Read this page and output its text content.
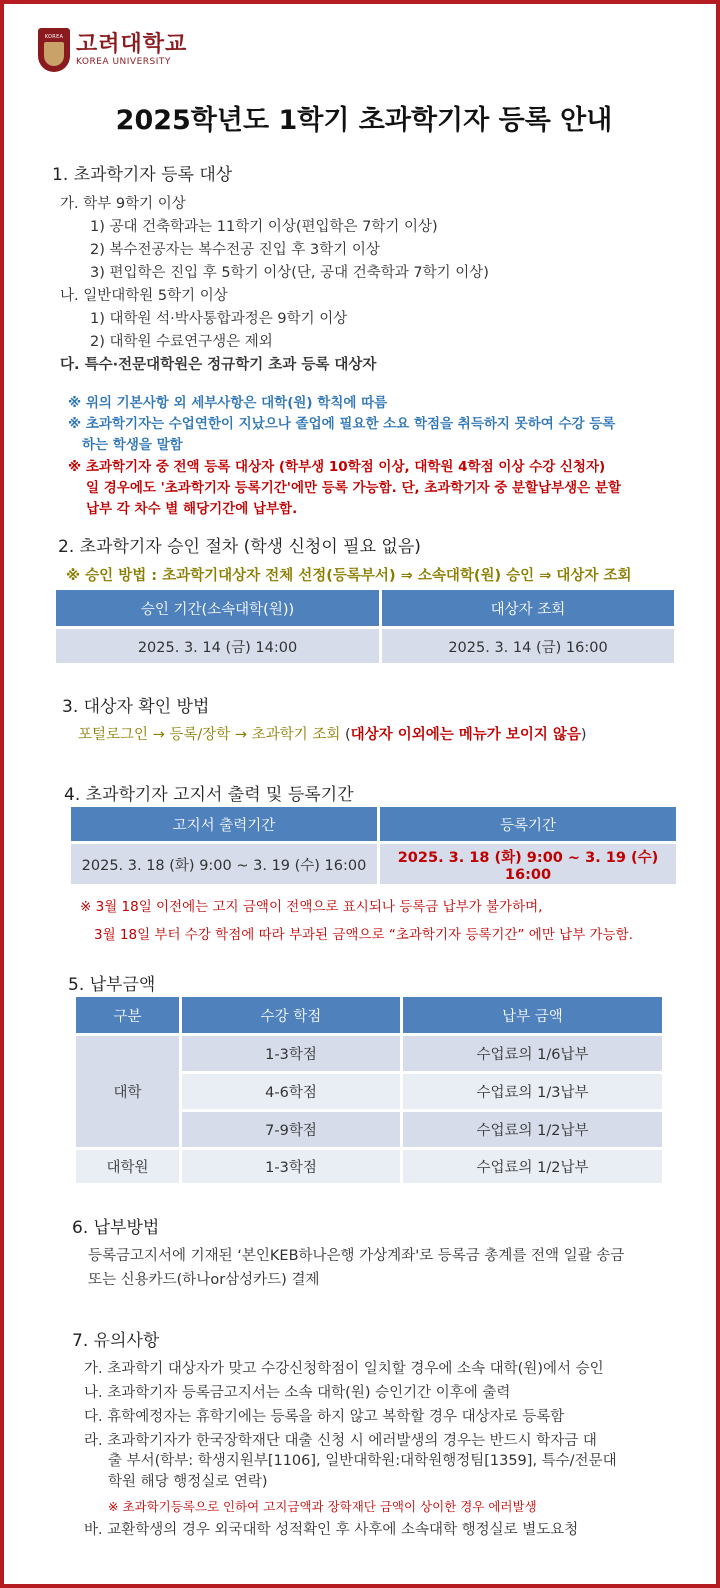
KOREA 고려대학교
KOREA UNIVERSITY
2025학년도 1학기 초과학기자 등록 안내
1. 초과학기자 등록 대상
가. 학부 9학기 이상
1) 공대 건축학과는 11학기 이상(편입학은 7학기 이상)
2) 복수전공자는 복수전공 진입 후 3학기 이상
3) 편입학은 진입 후 5학기 이상(단, 공대 건축학과 7학기 이상)
나. 일반대학원 5학기 이상
1) 대학원 석·박사통합과정은 9학기 이상
2) 대학원 수료연구생은 제외
다. 특수·전문대학원은 정규학기 초과 등록 대상자
※ 위의 기본사항 외 세부사항은 대학(원) 학칙에 따름
※ 초과학기자는 수업연한이 지났으나 졸업에 필요한 소요 학점을 취득하지 못하여 수강 등록
하는 학생을 말함
※ 초과학기자 중 전액 등록 대상자 (학부생 10학점 이상, 대학원 4학점 이상 수강 신청자)
일 경우에도 '초과학기자 등록기간'에만 등록 가능함. 단, 초과학기자 중 분할납부생은 분할
납부 각 차수 별 해당기간에 납부함.
2. 초과학기자 승인 절차 (학생 신청이 필요 없음)
※ 승인 방법 : 초과학기대상자 전체 선정(등록부서) ⇒ 소속대학(원) 승인 ⇒ 대상자 조회
승인 기간(소속대학(원))	대상자 조회
2025. 3. 14 (금) 14:00	2025. 3. 14 (금) 16:00
3. 대상자 확인 방법
포털로그인 → 등록/장학 → 초과학기 조회 (대상자 이외에는 메뉴가 보이지 않음)
4. 초과학기자 고지서 출력 및 등록기간
고지서 출력기간	등록기간
2025. 3. 18 (화) 9:00 ~ 3. 19 (수) 16:00	2025. 3. 18 (화) 9:00 ~ 3. 19 (수) 16:00
※ 3월 18일 이전에는 고지 금액이 전액으로 표시되나 등록금 납부가 불가하며,
3월 18일 부터 수강 학점에 따라 부과된 금액으로 “초과학기자 등록기간” 에만 납부 가능함.
5. 납부금액
구분	수강 학점	납부 금액
대학	1-3학점	수업료의 1/6납부
	4-6학점	수업료의 1/3납부
	7-9학점	수업료의 1/2납부
대학원	1-3학점	수업료의 1/2납부
6. 납부방법
등록금고지서에 기재된 ‘본인KEB하나은행 가상계좌'로 등록금 총계를 전액 일괄 송금
또는 신용카드(하나or삼성카드) 결제
7. 유의사항
가. 초과학기 대상자가 맞고 수강신청학점이 일치할 경우에 소속 대학(원)에서 승인
나. 초과학기자 등록금고지서는 소속 대학(원) 승인기간 이후에 출력
다. 휴학예정자는 휴학기에는 등록을 하지 않고 복학할 경우 대상자로 등록함
라. 초과학기자가 한국장학재단 대출 신청 시 에러발생의 경우는 반드시 학자금 대
출 부서(학부: 학생지원부[1106], 일반대학원:대학원행정팀[1359], 특수/전문대
학원 해당 행정실로 연락)
※ 초과학기등록으로 인하여 고지금액과 장학재단 금액이 상이한 경우 에러발생
바. 교환학생의 경우 외국대학 성적확인 후 사후에 소속대학 행정실로 별도요청
